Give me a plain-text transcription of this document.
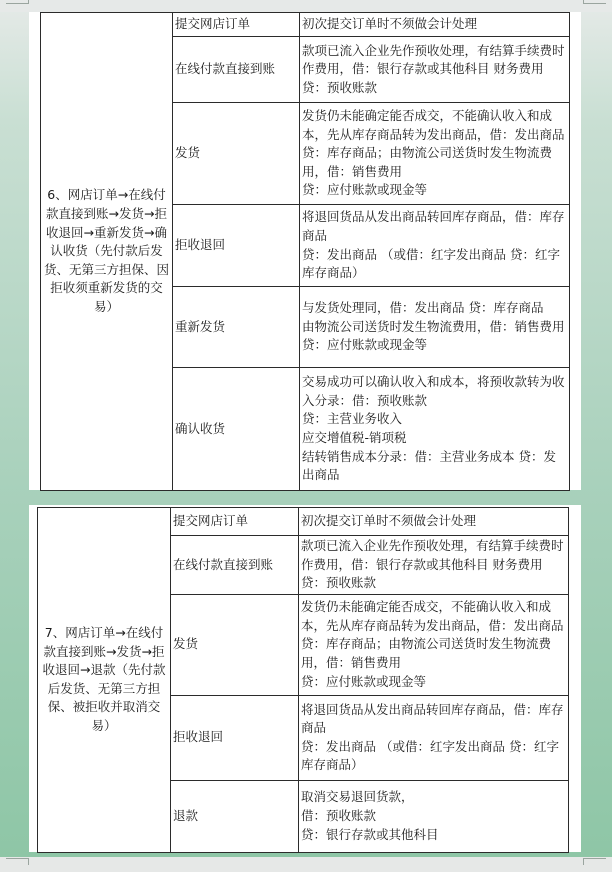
6、网店订单→在线付款直接到账→发货→拒收退回→重新发货→确认收货（先付款后发货、无第三方担保、因拒收须重新发货的交易）	提交网店订单	初次提交订单时不须做会计处理

	在线付款直接到账	款项已流入企业先作预收处理，有结算手续费时作费用，借：银行存款或其他科目 财务费用 贷：预收账款

	发货	发货仍未能确定能否成交，不能确认收入和成本，先从库存商品转为发出商品，借：发出商品 贷：库存商品；由物流公司送货时发生物流费用，借：销售费用
贷：应付账款或现金等

	拒收退回	将退回货品从发出商品转回库存商品，借：库存商品
贷：发出商品 （或借：红字发出商品 贷：红字库存商品）

	重新发货	与发货处理同，借：发出商品 贷：库存商品
由物流公司送货时发生物流费用，借：销售费用
贷：应付账款或现金等

	确认收货	交易成功可以确认收入和成本，将预收款转为收入分录：借：预收账款
贷：主营业务收入
应交增值税-销项税
结转销售成本分录：借：主营业务成本 贷：发出商品
7、网店订单→在线付款直接到账→发货→拒收退回→退款（先付款后发货、无第三方担保、被拒收并取消交易）	提交网店订单	初次提交订单时不须做会计处理

	在线付款直接到账	款项已流入企业先作预收处理，有结算手续费时作费用，借：银行存款或其他科目 财务费用 贷：预收账款

	发货	发货仍未能确定能否成交，不能确认收入和成本，先从库存商品转为发出商品，借：发出商品 贷：库存商品；由物流公司送货时发生物流费用，借：销售费用
贷：应付账款或现金等

	拒收退回	将退回货品从发出商品转回库存商品，借：库存商品
贷：发出商品 （或借：红字发出商品 贷：红字库存商品）

	退款	取消交易退回货款，
借：预收账款
贷：银行存款或其他科目
